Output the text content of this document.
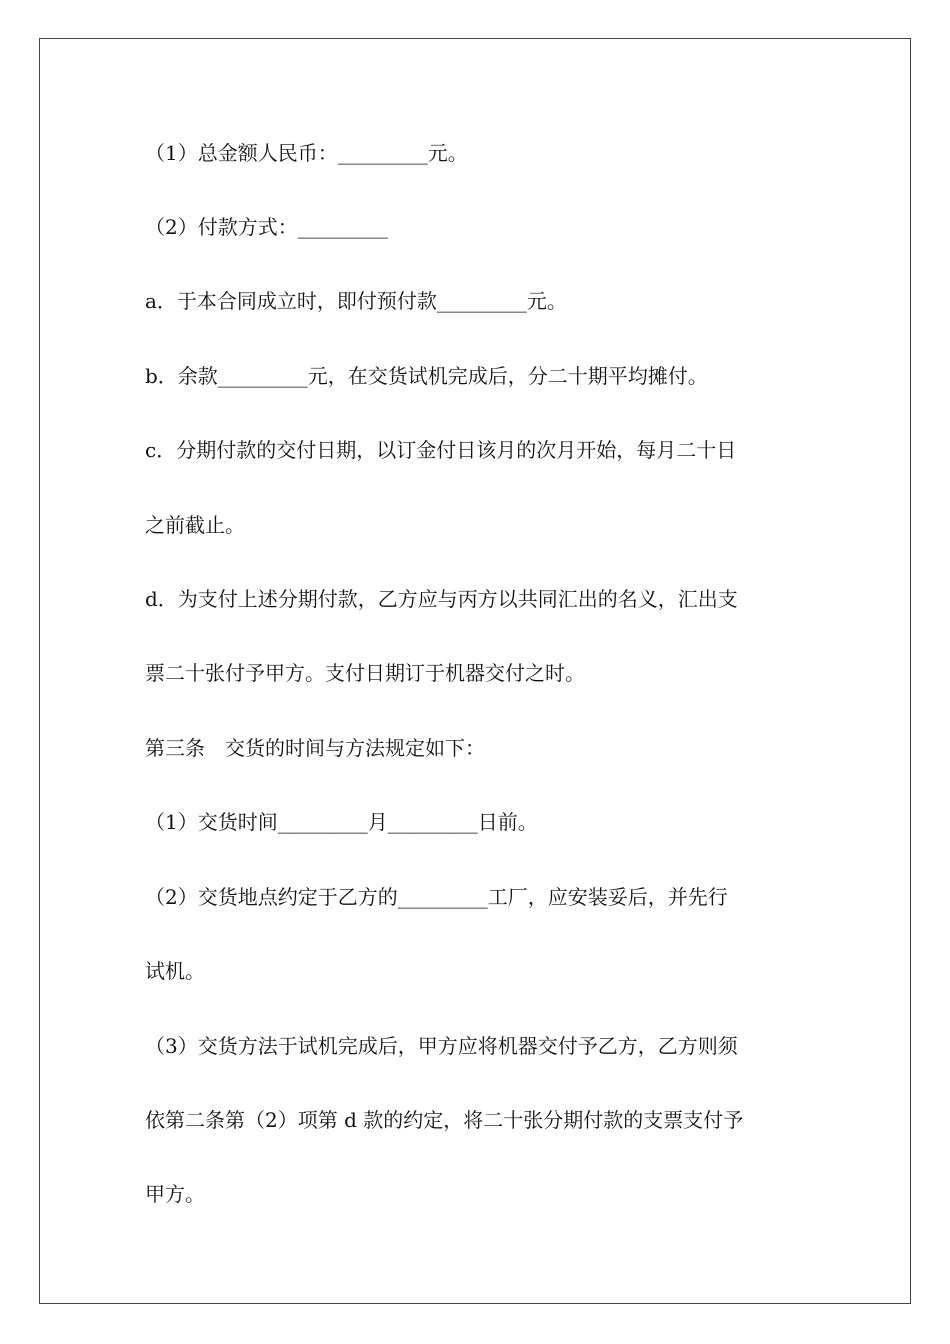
（1）总金额人民币：_________元。
（2）付款方式：_________
a．于本合同成立时，即付预付款_________元。
b．余款_________元，在交货试机完成后，分二十期平均摊付。
c．分期付款的交付日期，以订金付日该月的次月开始，每月二十日
之前截止。
d．为支付上述分期付款，乙方应与丙方以共同汇出的名义，汇出支
票二十张付予甲方。支付日期订于机器交付之时。
第三条　交货的时间与方法规定如下：
（1）交货时间_________月_________日前。
（2）交货地点约定于乙方的_________工厂，应安装妥后，并先行
试机。
（3）交货方法于试机完成后，甲方应将机器交付予乙方，乙方则须
依第二条第（2）项第 d 款的约定，将二十张分期付款的支票支付予
甲方。
